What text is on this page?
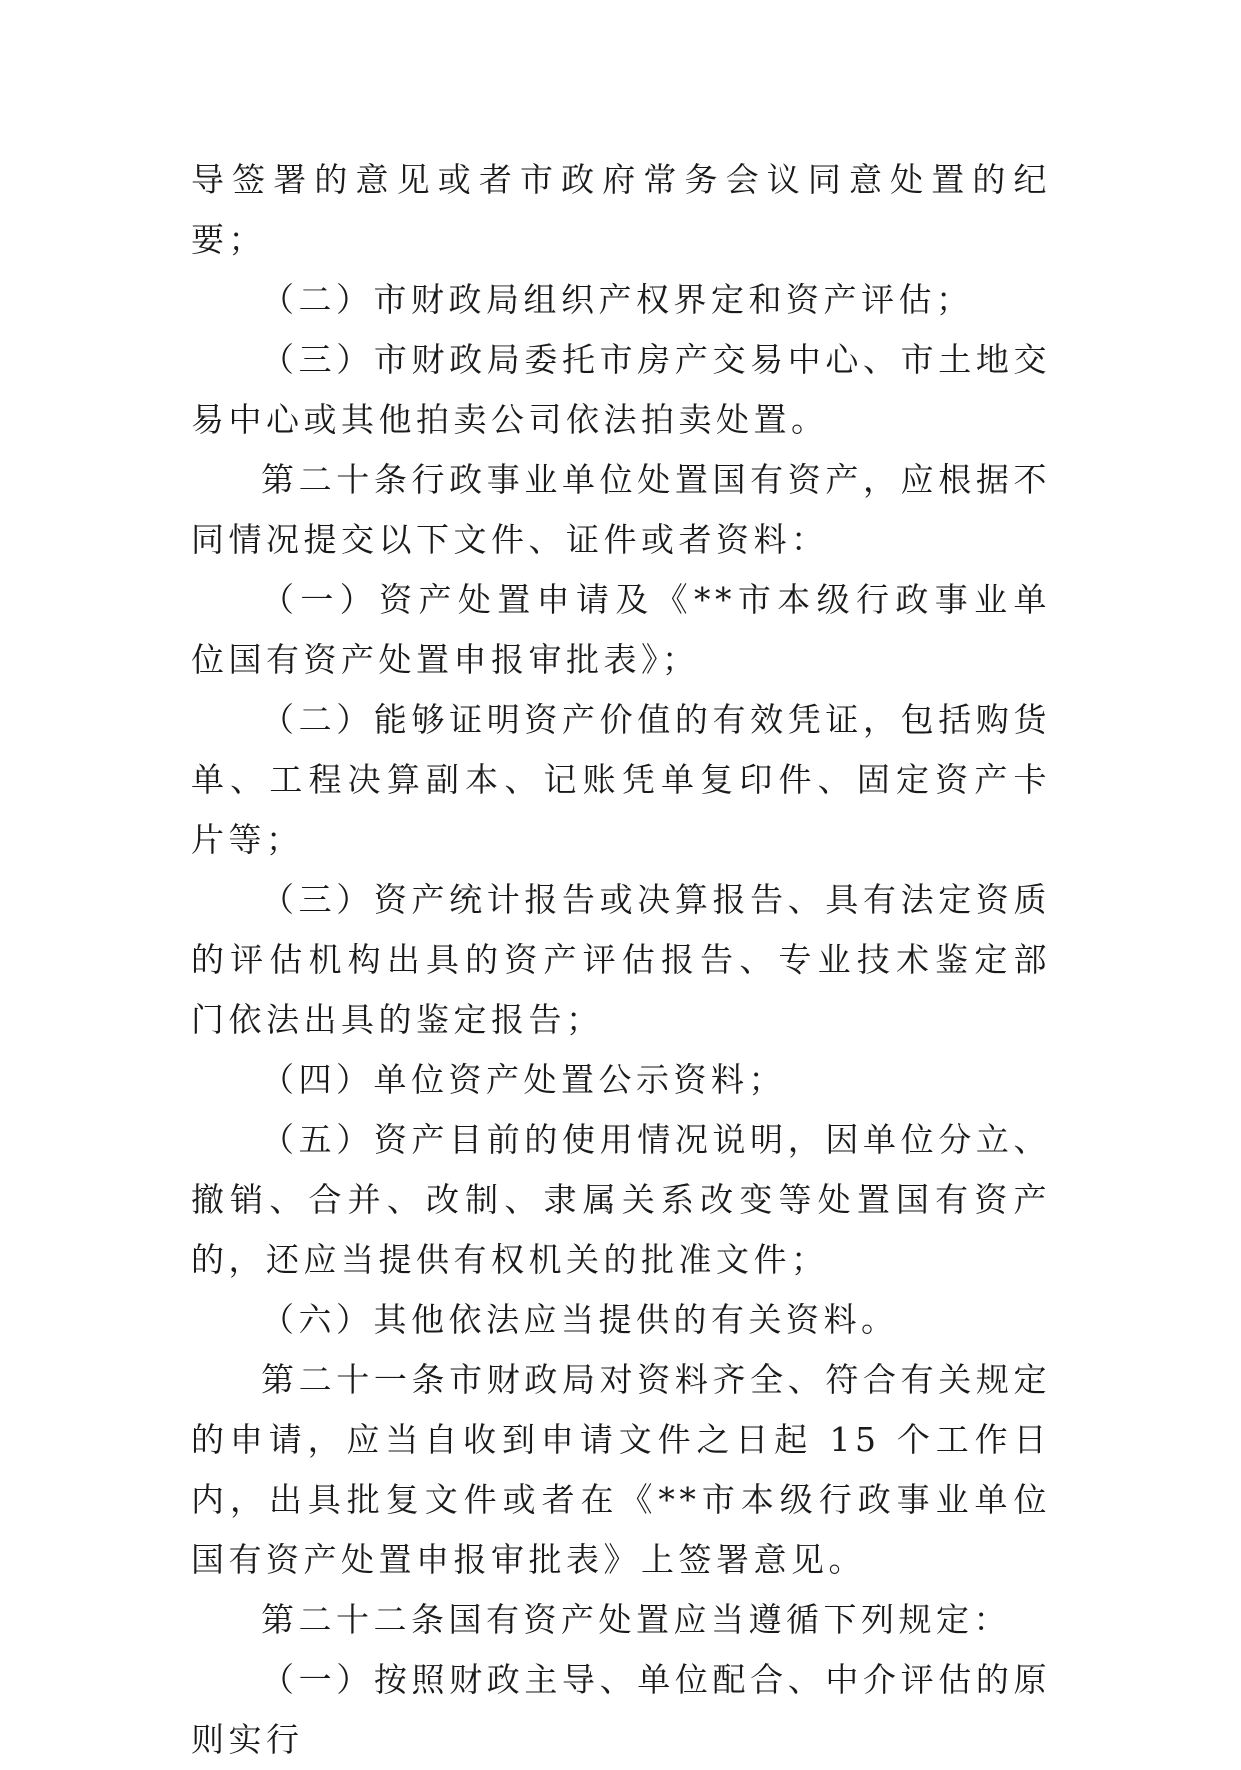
导签署的意见或者市政府常务会议同意处置的纪要；

（二）市财政局组织产权界定和资产评估；

（三）市财政局委托市房产交易中心、市土地交易中心或其他拍卖公司依法拍卖处置。

第二十条行政事业单位处置国有资产，应根据不同情况提交以下文件、证件或者资料：

（一）资产处置申请及《**市本级行政事业单位国有资产处置申报审批表》；

（二）能够证明资产价值的有效凭证，包括购货单、工程决算副本、记账凭单复印件、固定资产卡片等；

（三）资产统计报告或决算报告、具有法定资质的评估机构出具的资产评估报告、专业技术鉴定部门依法出具的鉴定报告；

（四）单位资产处置公示资料；

（五）资产目前的使用情况说明，因单位分立、撤销、合并、改制、隶属关系改变等处置国有资产的，还应当提供有权机关的批准文件；

（六）其他依法应当提供的有关资料。

第二十一条市财政局对资料齐全、符合有关规定的申请，应当自收到申请文件之日起 15 个工作日内，出具批复文件或者在《**市本级行政事业单位国有资产处置申报审批表》上签署意见。

第二十二条国有资产处置应当遵循下列规定：

（一）按照财政主导、单位配合、中介评估的原则实行
